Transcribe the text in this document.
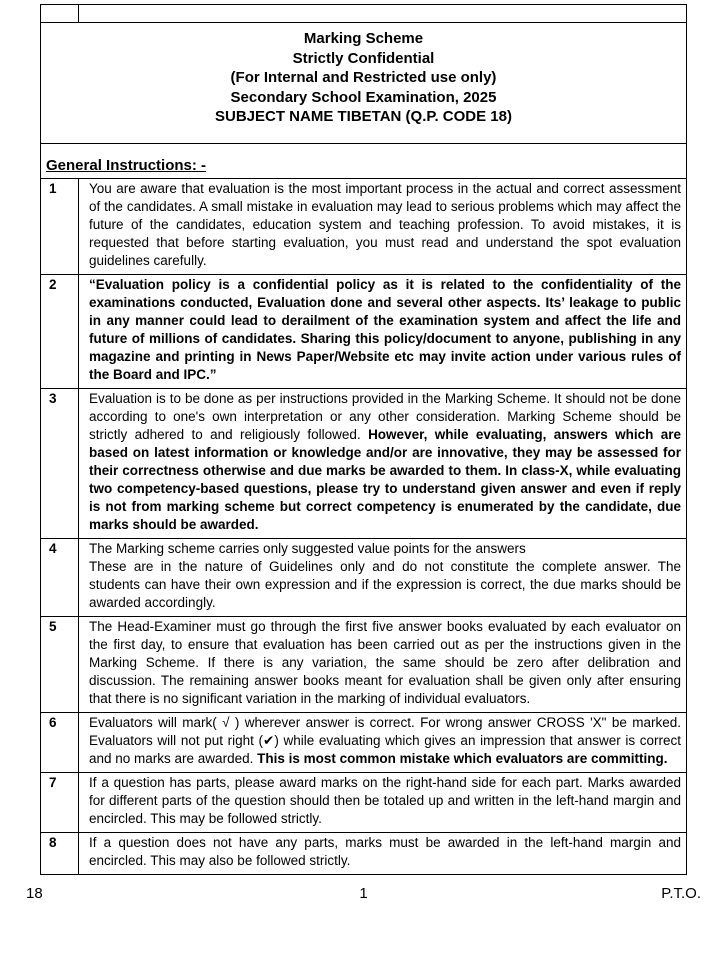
Marking Scheme
Strictly Confidential
(For Internal and Restricted use only)
Secondary School Examination, 2025
SUBJECT NAME TIBETAN (Q.P. CODE 18)
General Instructions: -
1	You are aware that evaluation is the most important process in the actual and correct assessment of the candidates. A small mistake in evaluation may lead to serious problems which may affect the future of the candidates, education system and teaching profession. To avoid mistakes, it is requested that before starting evaluation, you must read and understand the spot evaluation guidelines carefully.
2	“Evaluation policy is a confidential policy as it is related to the confidentiality of the examinations conducted, Evaluation done and several other aspects. Its’ leakage to public in any manner could lead to derailment of the examination system and affect the life and future of millions of candidates. Sharing this policy/document to anyone, publishing in any magazine and printing in News Paper/Website etc may invite action under various rules of the Board and IPC.”
3	Evaluation is to be done as per instructions provided in the Marking Scheme. It should not be done according to one's own interpretation or any other consideration. Marking Scheme should be strictly adhered to and religiously followed. However, while evaluating, answers which are based on latest information or knowledge and/or are innovative, they may be assessed for their correctness otherwise and due marks be awarded to them. In class-X, while evaluating two competency-based questions, please try to understand given answer and even if reply is not from marking scheme but correct competency is enumerated by the candidate, due marks should be awarded.
4	The Marking scheme carries only suggested value points for the answers
These are in the nature of Guidelines only and do not constitute the complete answer. The students can have their own expression and if the expression is correct, the due marks should be awarded accordingly.
5	The Head-Examiner must go through the first five answer books evaluated by each evaluator on the first day, to ensure that evaluation has been carried out as per the instructions given in the Marking Scheme. If there is any variation, the same should be zero after delibration and discussion. The remaining answer books meant for evaluation shall be given only after ensuring that there is no significant variation in the marking of individual evaluators.
6	Evaluators will mark( √ ) wherever answer is correct. For wrong answer CROSS 'X" be marked. Evaluators will not put right (✔) while evaluating which gives an impression that answer is correct and no marks are awarded. This is most common mistake which evaluators are committing.
7	If a question has parts, please award marks on the right-hand side for each part. Marks awarded for different parts of the question should then be totaled up and written in the left-hand margin and encircled. This may be followed strictly.
8	If a question does not have any parts, marks must be awarded in the left-hand margin and encircled. This may also be followed strictly.
18	1	P.T.O.
